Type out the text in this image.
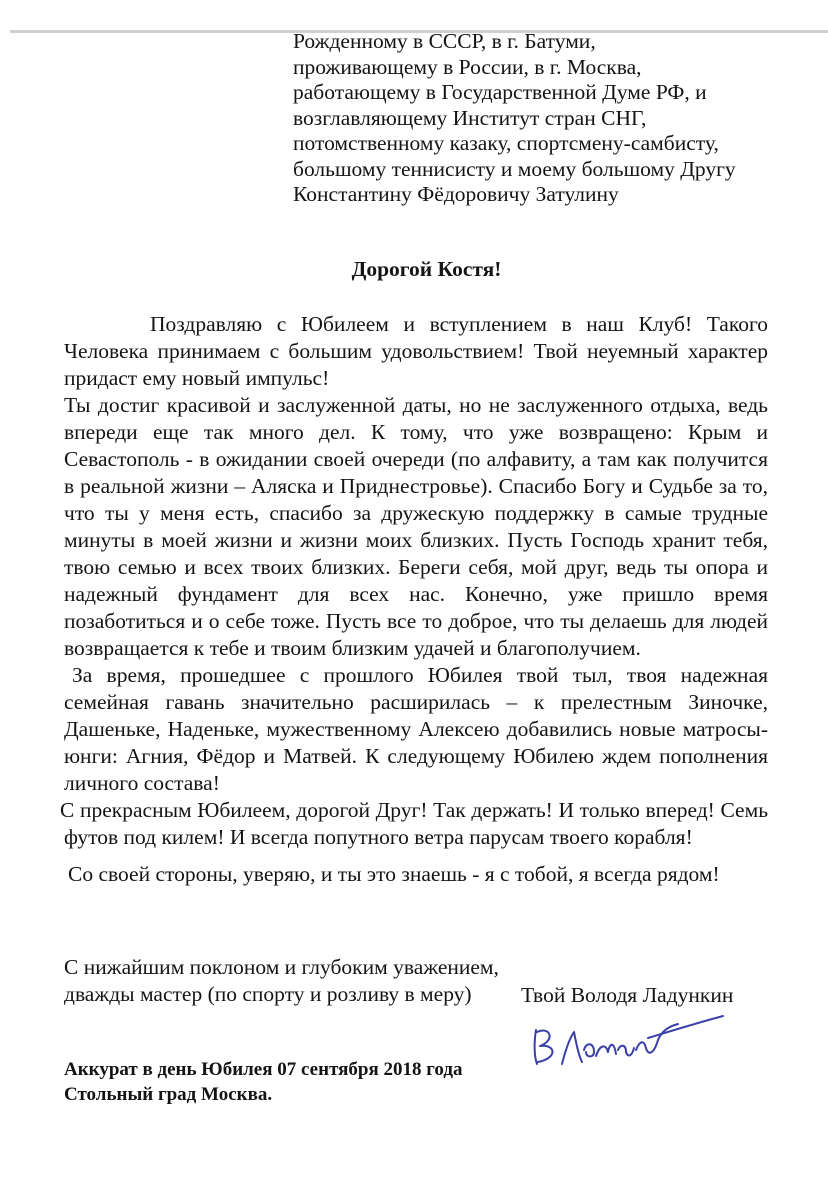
Рожденному в СССР, в г. Батуми,
проживающему в России, в г. Москва,
работающему в Государственной Думе РФ, и
возглавляющему Институт стран СНГ,
потомственному казаку, спортсмену-самбисту,
большому теннисисту и моему большому Другу
Константину Фёдоровичу Затулину
Дорогой Костя!

Поздравляю с Юбилеем и вступлением в наш Клуб! Такого Человека принимаем с большим удовольствием! Твой неуемный характер придаст ему новый импульс!

Ты достиг красивой и заслуженной даты, но не заслуженного отдыха, ведь впереди еще так много дел. К тому, что уже возвращено: Крым и Севастополь - в ожидании своей очереди (по алфавиту, а там как получится в реальной жизни – Аляска и Приднестровье). Спасибо Богу и Судьбе за то, что ты у меня есть, спасибо за дружескую поддержку в самые трудные минуты в моей жизни и жизни моих близких. Пусть Господь хранит тебя, твою семью и всех твоих близких. Береги себя, мой друг, ведь ты опора и надежный фундамент для всех нас. Конечно, уже пришло время позаботиться и о себе тоже. Пусть все то доброе, что ты делаешь для людей возвращается к тебе и твоим близким удачей и благополучием.

За время, прошедшее с прошлого Юбилея твой тыл, твоя надежная семейная гавань значительно расширилась – к прелестным Зиночке, Дашеньке, Наденьке, мужественному Алексею добавились новые матросы-юнги: Агния, Фёдор и Матвей. К следующему Юбилею ждем пополнения личного состава!

С прекрасным Юбилеем, дорогой Друг! Так держать! И только вперед! Семь футов под килем! И всегда попутного ветра парусам твоего корабля!

Со своей стороны, уверяю, и ты это знаешь - я с тобой, я всегда рядом!

С нижайшим поклоном и глубоким уважением,
дважды мастер (по спорту и розливу в меру)	Твой Володя Ладункин
Аккурат в день Юбилея 07 сентября 2018 года
Стольный град Москва.
